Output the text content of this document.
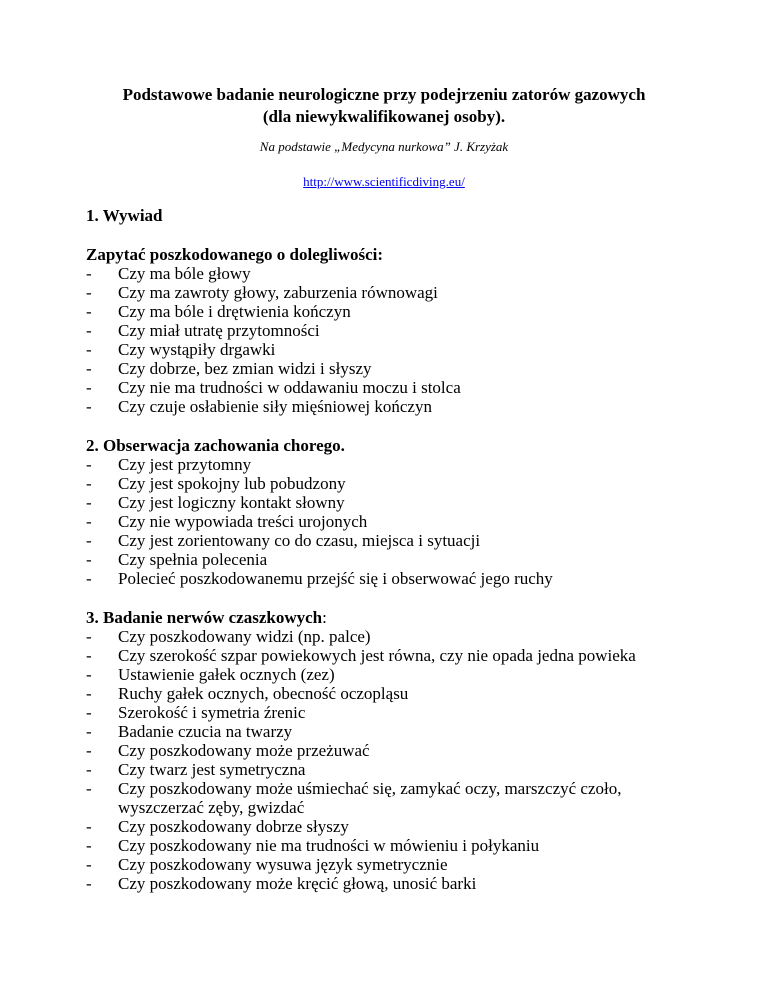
Podstawowe badanie neurologiczne przy podejrzeniu zatorów gazowych
(dla niewykwalifikowanej osoby).
Na podstawie „Medycyna nurkowa” J. Krzyżak
http://www.scientificdiving.eu/
1. Wywiad
Zapytać poszkodowanego o dolegliwości:
- Czy ma bóle głowy
- Czy ma zawroty głowy, zaburzenia równowagi
- Czy ma bóle i drętwienia kończyn
- Czy miał utratę przytomności
- Czy wystąpiły drgawki
- Czy dobrze, bez zmian widzi i słyszy
- Czy nie ma trudności w oddawaniu moczu i stolca
- Czy czuje osłabienie siły mięśniowej kończyn
2. Obserwacja zachowania chorego.
- Czy jest przytomny
- Czy jest spokojny lub pobudzony
- Czy jest logiczny kontakt słowny
- Czy nie wypowiada treści urojonych
- Czy jest zorientowany co do czasu, miejsca i sytuacji
- Czy spełnia polecenia
- Polecieć poszkodowanemu przejść się i obserwować jego ruchy
3. Badanie nerwów czaszkowych:
- Czy poszkodowany widzi (np. palce)
- Czy szerokość szpar powiekowych jest równa, czy nie opada jedna powieka
- Ustawienie gałek ocznych (zez)
- Ruchy gałek ocznych, obecność oczopląsu
- Szerokość i symetria źrenic
- Badanie czucia na twarzy
- Czy poszkodowany może przeżuwać
- Czy twarz jest symetryczna
- Czy poszkodowany może uśmiechać się, zamykać oczy, marszczyć czoło, wyszczerzać zęby, gwizdać
- Czy poszkodowany dobrze słyszy
- Czy poszkodowany nie ma trudności w mówieniu i połykaniu
- Czy poszkodowany wysuwa język symetrycznie
- Czy poszkodowany może kręcić głową, unosić barki
